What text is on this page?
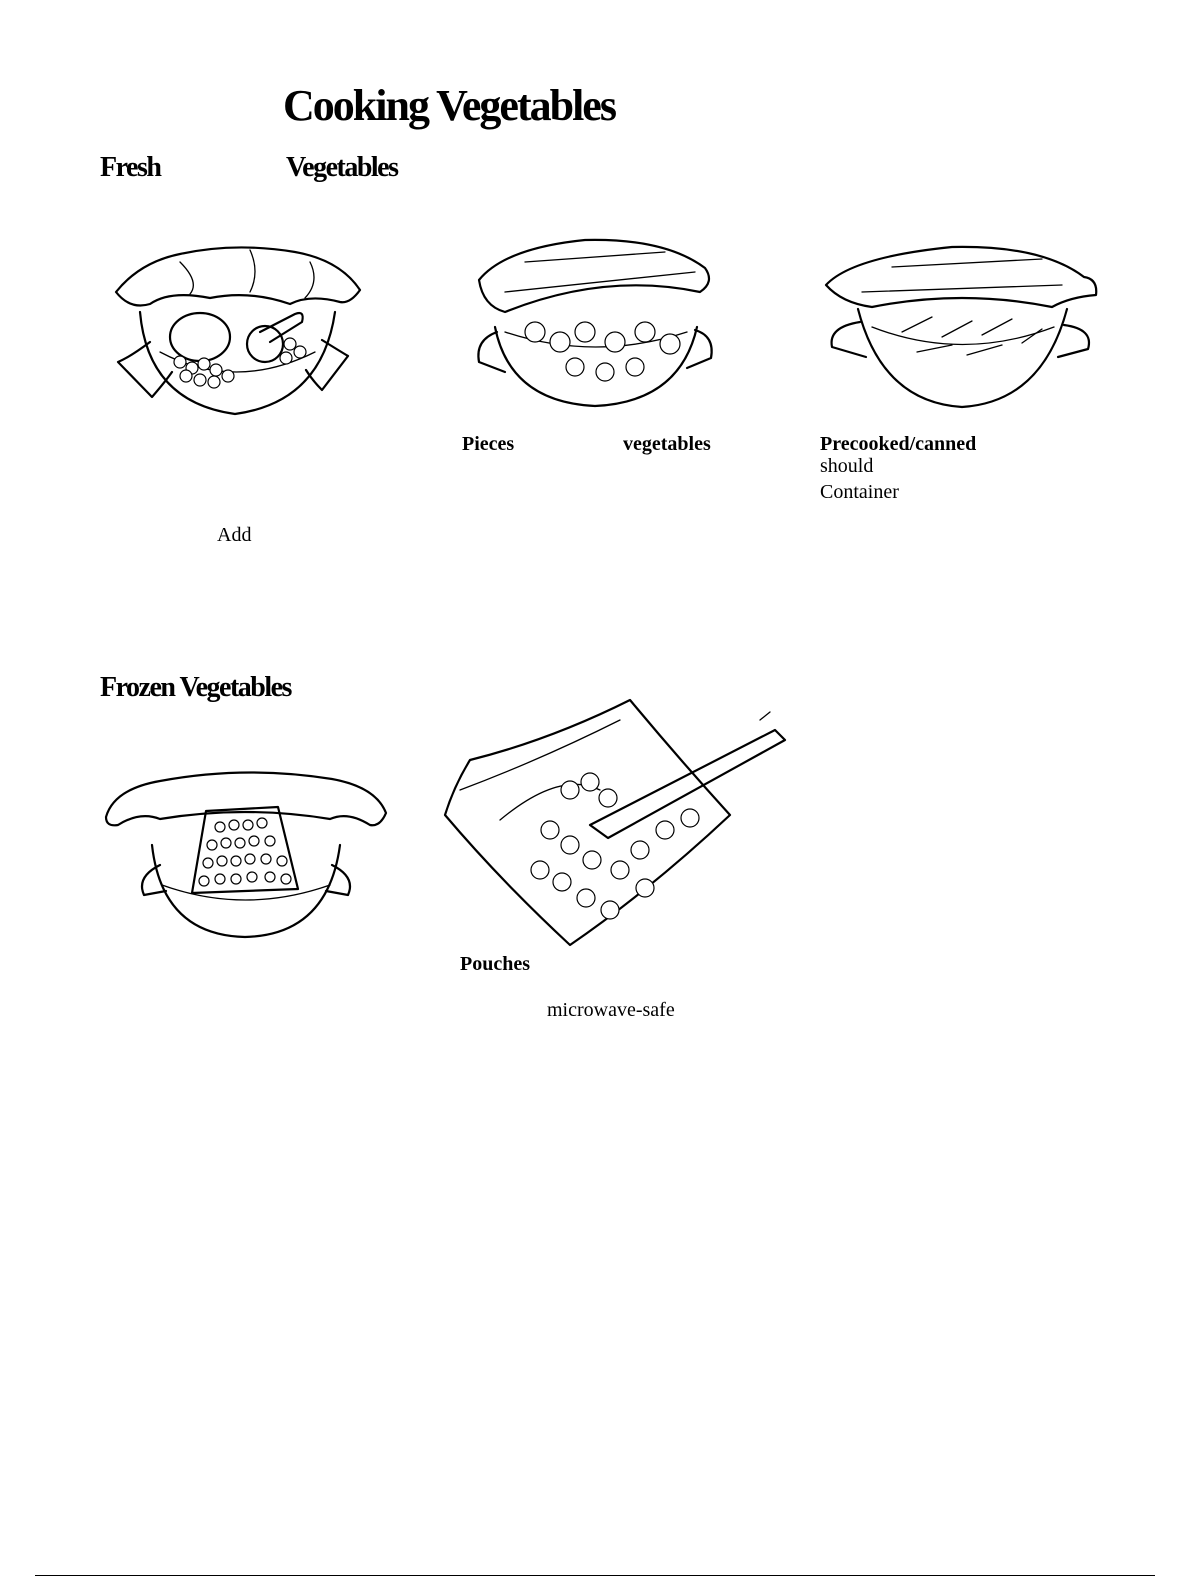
Cooking Vegetables
Fresh	Vegetables
Pieces	vegetables	Precooked/canned
should
Container
Add
Frozen Vegetables
Pouches
microwave-safe
